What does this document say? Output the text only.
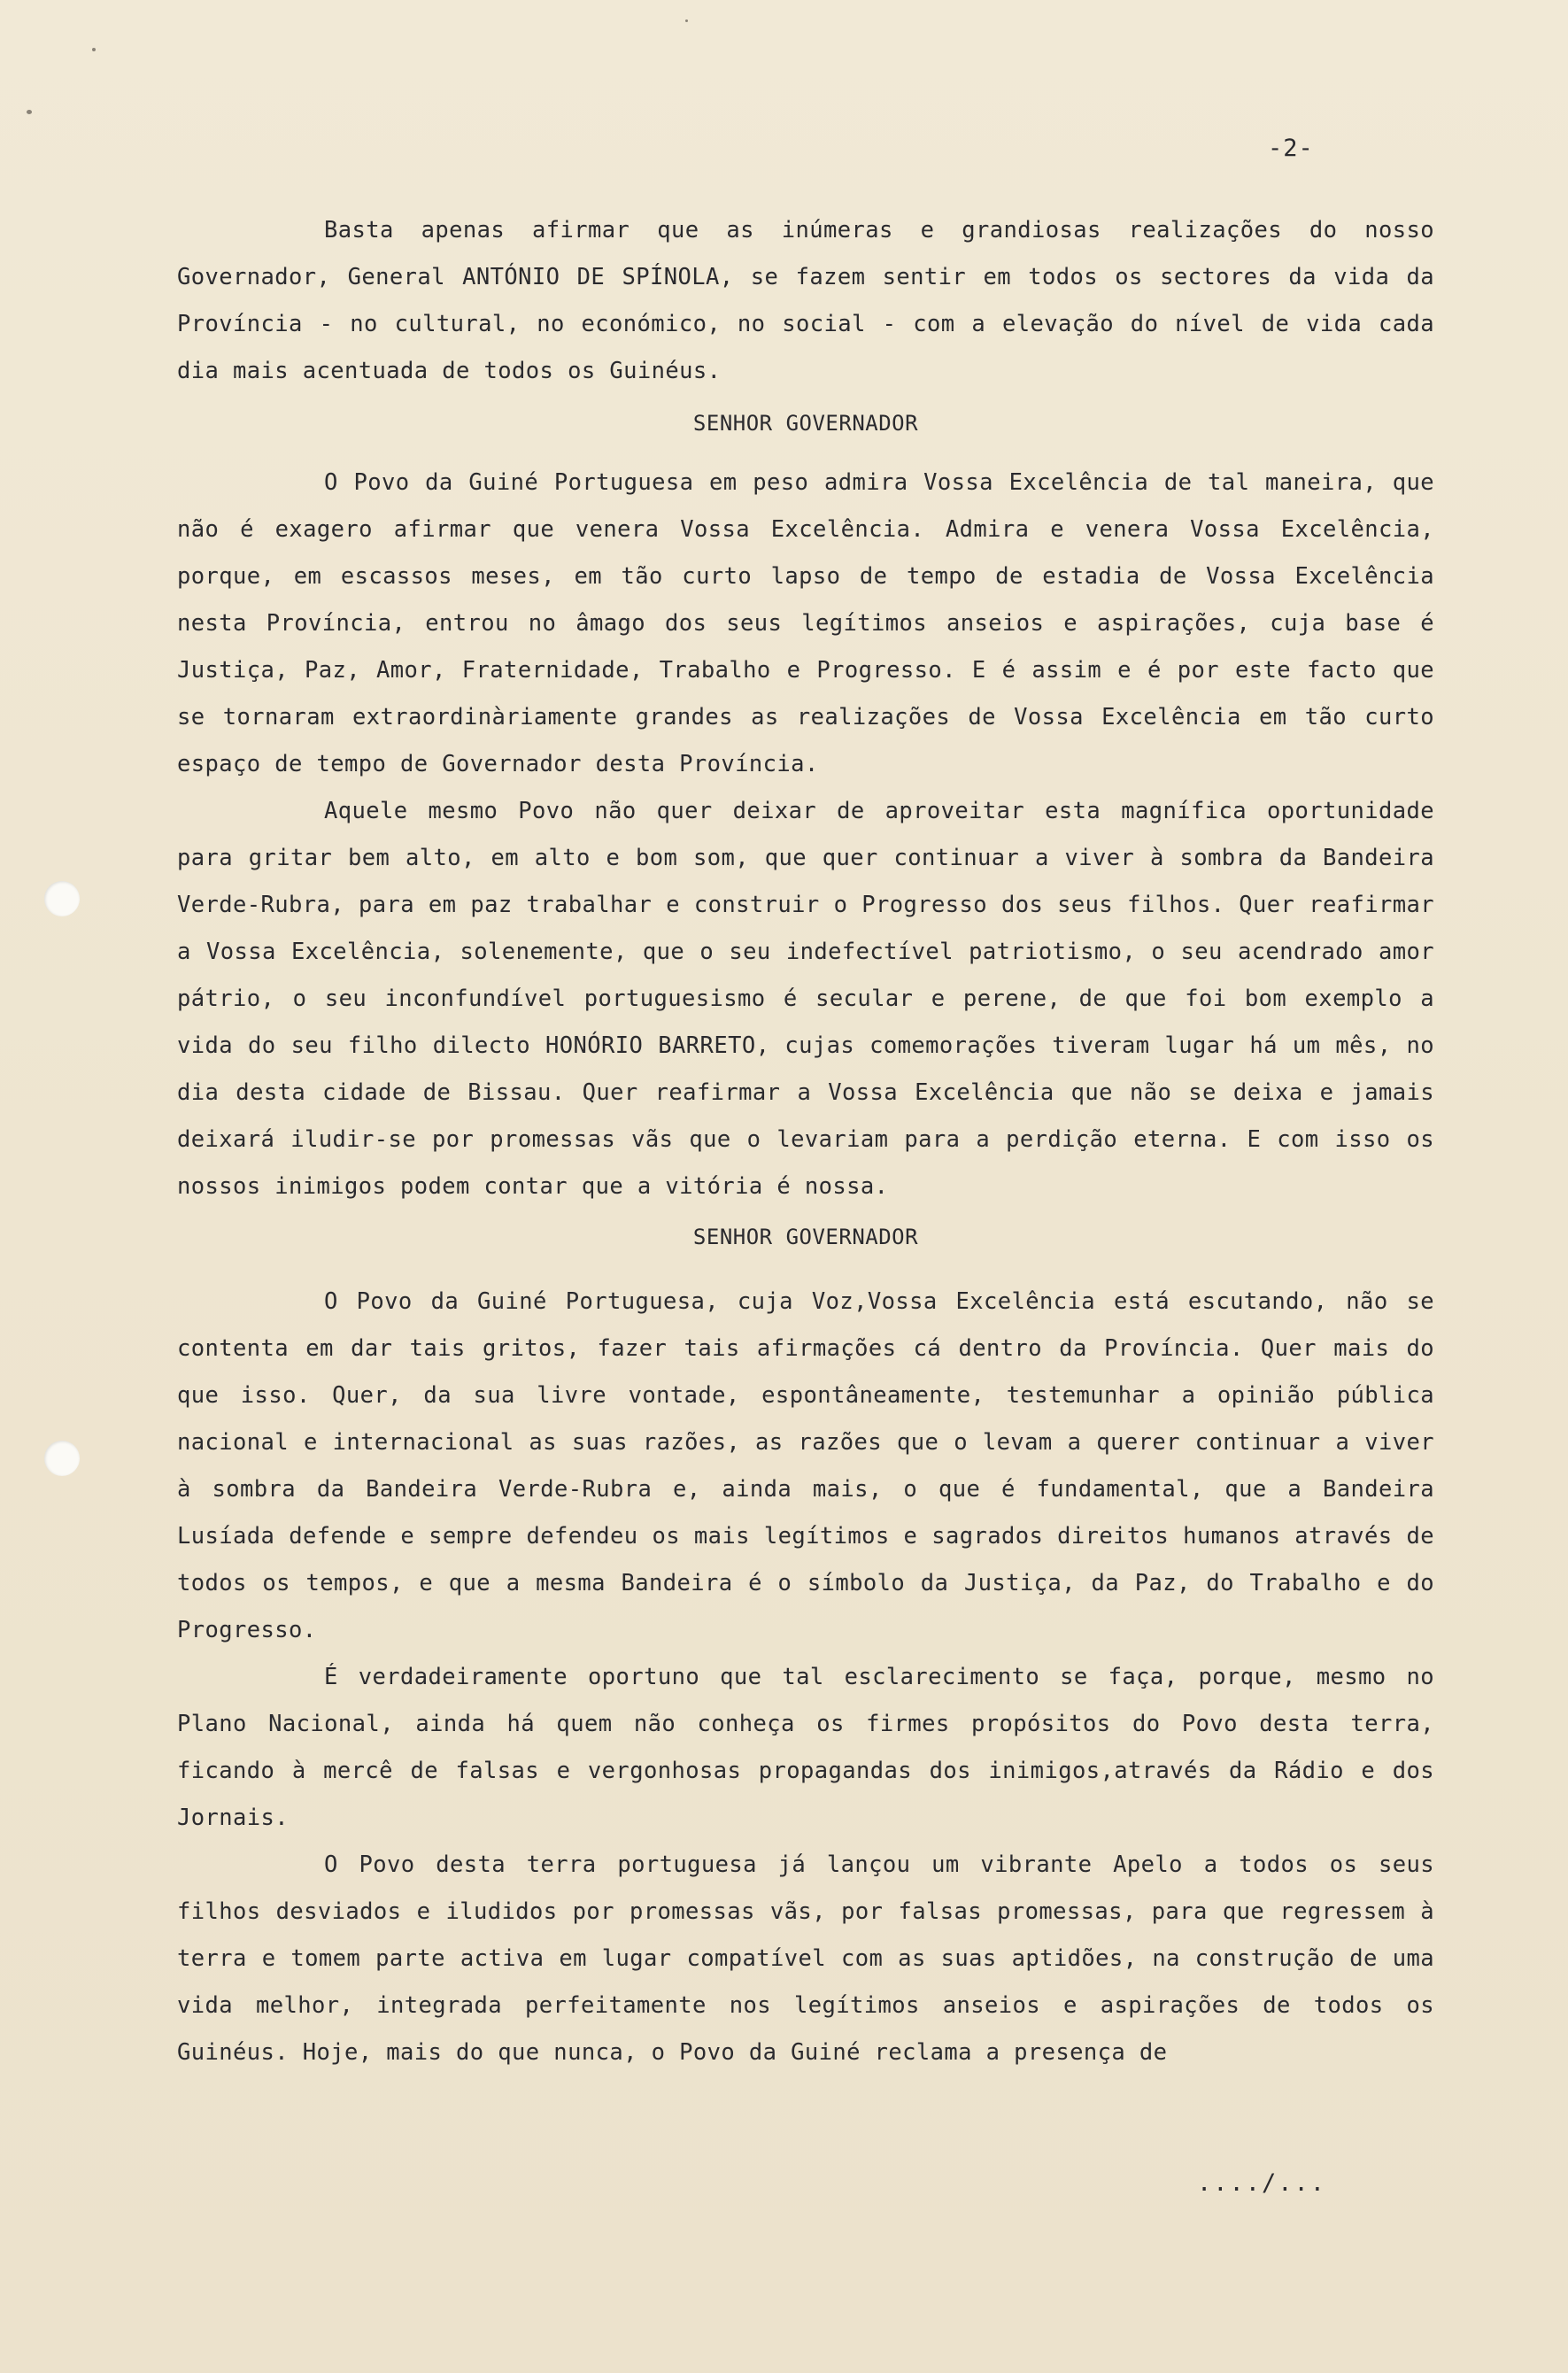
-2-

Basta apenas afirmar que as inúmeras e grandiosas realizações do nosso Governador, General ANTÓNIO DE SPÍNOLA, se fazem sentir em todos os sectores da vida da Província - no cultural, no económico, no social - com a elevação do nível de vida cada dia mais acentuada de todos os Guinéus.

SENHOR GOVERNADOR

O Povo da Guiné Portuguesa em peso admira Vossa Excelência de tal maneira, que não é exagero afirmar que venera Vossa Excelência. Admira e venera Vossa Excelência, porque, em escassos meses, em tão curto lapso de tempo de estadia de Vossa Excelência nesta Província, entrou no âmago dos seus legítimos anseios e aspirações, cuja base é Justiça, Paz, Amor, Fraternidade, Trabalho e Progresso. E é assim e é por este facto que se tornaram extraordinàriamente grandes as realizações de Vossa Excelência em tão curto espaço de tempo de Governador desta Província.

Aquele mesmo Povo não quer deixar de aproveitar esta magnífica oportunidade para gritar bem alto, em alto e bom som, que quer continuar a viver à sombra da Bandeira Verde-Rubra, para em paz trabalhar e construir o Progresso dos seus filhos. Quer reafirmar a Vossa Excelência, solenemente, que o seu indefectível patriotismo, o seu acendrado amor pátrio, o seu inconfundível portuguesismo é secular e perene, de que foi bom exemplo a vida do seu filho dilecto HONÓRIO BARRETO, cujas comemorações tiveram lugar há um mês, no dia desta cidade de Bissau. Quer reafirmar a Vossa Excelência que não se deixa e jamais deixará iludir-se por promessas vãs que o levariam para a perdição eterna. E com isso os nossos inimigos podem contar que a vitória é nossa.

SENHOR GOVERNADOR

O Povo da Guiné Portuguesa, cuja Voz,Vossa Excelência está escutando, não se contenta em dar tais gritos, fazer tais afirmações cá dentro da Província. Quer mais do que isso. Quer, da sua livre vontade, espontâneamente, testemunhar a opinião pública nacional e internacional as suas razões, as razões que o levam a querer continuar a viver à sombra da Bandeira Verde-Rubra e, ainda mais, o que é fundamental, que a Bandeira Lusíada defende e sempre defendeu os mais legítimos e sagrados direitos humanos através de todos os tempos, e que a mesma Bandeira é o símbolo da Justiça, da Paz, do Trabalho e do Progresso.

É verdadeiramente oportuno que tal esclarecimento se faça, porque, mesmo no Plano Nacional, ainda há quem não conheça os firmes propósitos do Povo desta terra, ficando à mercê de falsas e vergonhosas propagandas dos inimigos,através da Rádio e dos Jornais.

O Povo desta terra portuguesa já lançou um vibrante Apelo a todos os seus filhos desviados e iludidos por promessas vãs, por falsas promessas, para que regressem à terra e tomem parte activa em lugar compatível com as suas aptidões, na construção de uma vida melhor, integrada perfeitamente nos legítimos anseios e aspirações de todos os Guinéus. Hoje, mais do que nunca, o Povo da Guiné reclama a presença de

..../...
